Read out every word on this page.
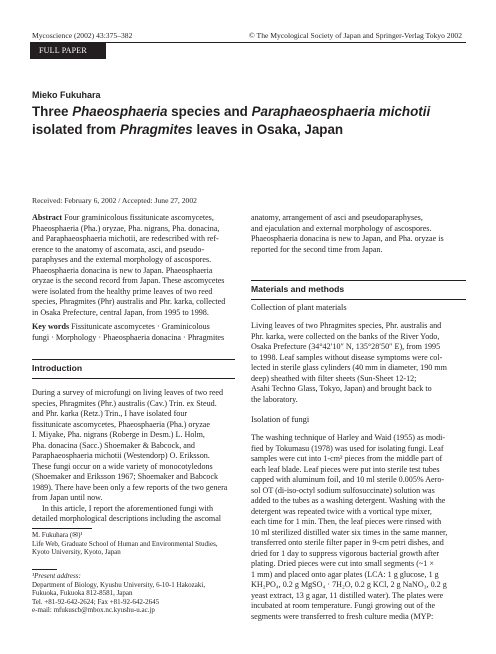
Mycoscience (2002) 43:375–382	© The Mycological Society of Japan and Springer-Verlag Tokyo 2002
FULL PAPER
Mieko Fukuhara
Three Phaeosphaeria species and Paraphaeosphaeria michotii isolated from Phragmites leaves in Osaka, Japan
Received: February 6, 2002 / Accepted: June 27, 2002

Abstract Four graminicolous fissitunicate ascomycetes,

Phaeosphaeria (Pha.) oryzae, Pha. nigrans, Pha. donacina,

and Paraphaeosphaeria michotii, are redescribed with ref-

erence to the anatomy of ascomata, asci, and pseudo-

paraphyses and the external morphology of ascospores.

Phaeosphaeria donacina is new to Japan. Phaeosphaeria

oryzae is the second record from Japan. These ascomycetes

were isolated from the healthy prime leaves of two reed

species, Phragmites (Phr) australis and Phr. karka, collected

in Osaka Prefecture, central Japan, from 1995 to 1998.

Key words Fissitunicate ascomycetes · Graminicolous

fungi · Morphology · Phaeosphaeria donacina · Phragmites

Introduction

During a survey of microfungi on living leaves of two reed

species, Phragmites (Phr.) australis (Cav.) Trin. ex Steud.

and Phr. karka (Retz.) Trin., I have isolated four

fissitunicate ascomycetes, Phaeosphaeria (Pha.) oryzae

I. Miyake, Pha. nigrans (Roberge in Desm.) L. Holm,

Pha. donacina (Sacc.) Shoemaker & Babcock, and

Paraphaeosphaeria michotii (Westendorp) O. Eriksson.

These fungi occur on a wide variety of monocotyledons

(Shoemaker and Eriksson 1967; Shoemaker and Babcock

1989). There have been only a few reports of the two genera

from Japan until now.

In this article, I report the aforementioned fungi with

detailed morphological descriptions including the ascomal

M. Fukuhara (✉)¹
Life Web, Graduate School of Human and Environmental Studies,
Kyoto University, Kyoto, Japan
¹Present address:
Department of Biology, Kyushu University, 6-10-1 Hakozaki,
Fukuoka, Fukuoka 812-8581, Japan
Tel. +81-92-642-2624; Fax +81-92-642-2645
e-mail: mfukuscb@mbox.nc.kyushu-u.ac.jp

anatomy, arrangement of asci and pseudoparaphyses,

and ejaculation and external morphology of ascospores.

Phaeosphaeria donacina is new to Japan, and Pha. oryzae is

reported for the second time from Japan.

Materials and methods
Collection of plant materials

Living leaves of two Phragmites species, Phr. australis and

Phr. karka, were collected on the banks of the River Yodo,

Osaka Prefecture (34°42′10″ N, 135°28′50″ E), from 1995

to 1998. Leaf samples without disease symptoms were col-

lected in sterile glass cylinders (40 mm in diameter, 190 mm

deep) sheathed with filter sheets (Sun-Sheet 12-12;

Asahi Techno Glass, Tokyo, Japan) and brought back to

the laboratory.

Isolation of fungi

The washing technique of Harley and Waid (1955) as modi-

fied by Tokumasu (1978) was used for isolating fungi. Leaf

samples were cut into 1-cm² pieces from the middle part of

each leaf blade. Leaf pieces were put into sterile test tubes

capped with aluminum foil, and 10 ml sterile 0.005% Aero-

sol OT (di-iso-octyl sodium sulfosuccinate) solution was

added to the tubes as a washing detergent. Washing with the

detergent was repeated twice with a vortical type mixer,

each time for 1 min. Then, the leaf pieces were rinsed with

10 ml sterilized distilled water six times in the same manner,

transferred onto sterile filter paper in 9-cm petri dishes, and

dried for 1 day to suppress vigorous bacterial growth after

plating. Dried pieces were cut into small segments (~1 ×

1 mm) and placed onto agar plates (LCA: 1 g glucose, 1 g

KH₂PO₄, 0.2 g MgSO₄ · 7H₂O, 0.2 g KCl, 2 g NaNO₃, 0.2 g

yeast extract, 13 g agar, 11 distilled water). The plates were

incubated at room temperature. Fungi growing out of the

segments were transferred to fresh culture media (MYP:
